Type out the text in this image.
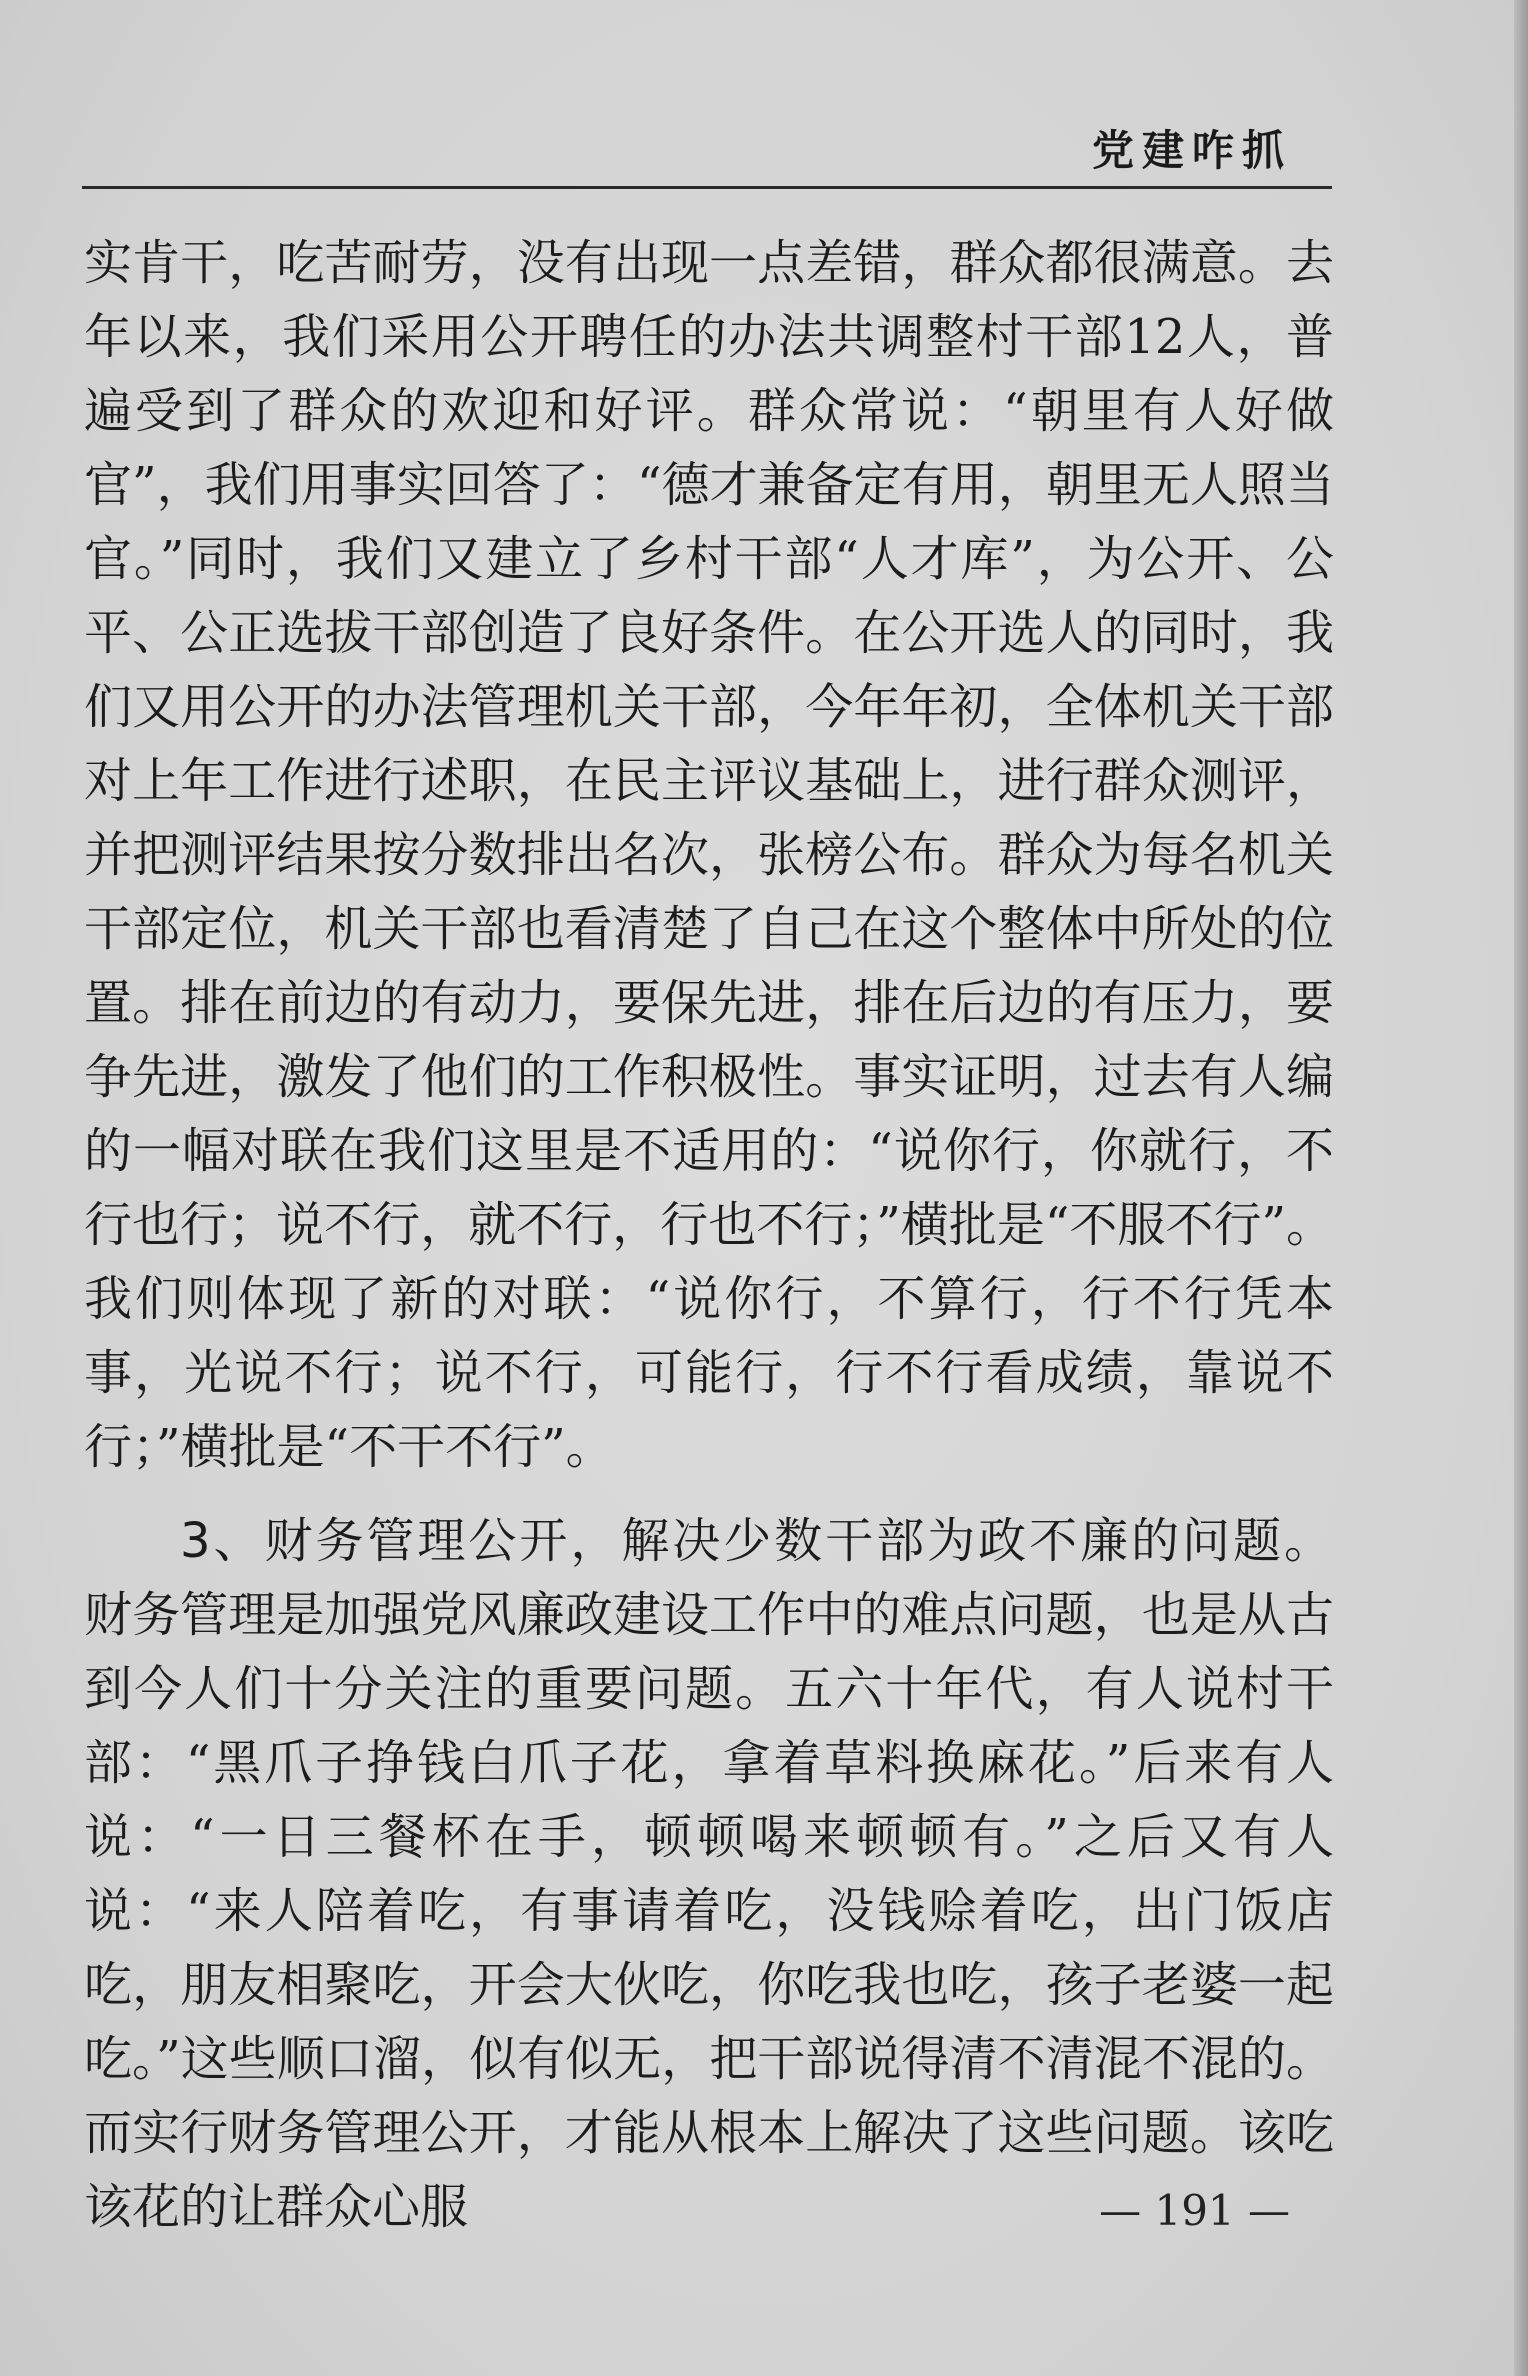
党建咋抓

实肯干，吃苦耐劳，没有出现一点差错，群众都很满意。去年以来，我们采用公开聘任的办法共调整村干部12人，普遍受到了群众的欢迎和好评。群众常说：“朝里有人好做官”，我们用事实回答了：“德才兼备定有用，朝里无人照当官。”同时，我们又建立了乡村干部“人才库”，为公开、公平、公正选拔干部创造了良好条件。在公开选人的同时，我们又用公开的办法管理机关干部，今年年初，全体机关干部对上年工作进行述职，在民主评议基础上，进行群众测评，并把测评结果按分数排出名次，张榜公布。群众为每名机关干部定位，机关干部也看清楚了自己在这个整体中所处的位置。排在前边的有动力，要保先进，排在后边的有压力，要争先进，激发了他们的工作积极性。事实证明，过去有人编的一幅对联在我们这里是不适用的：“说你行，你就行，不行也行；说不行，就不行，行也不行；”横批是“不服不行”。我们则体现了新的对联：“说你行，不算行，行不行凭本事，光说不行；说不行，可能行，行不行看成绩，靠说不行；”横批是“不干不行”。

3、财务管理公开，解决少数干部为政不廉的问题。财务管理是加强党风廉政建设工作中的难点问题，也是从古到今人们十分关注的重要问题。五六十年代，有人说村干部：“黑爪子挣钱白爪子花，拿着草料换麻花。”后来有人说：“一日三餐杯在手，顿顿喝来顿顿有。”之后又有人说：“来人陪着吃，有事请着吃，没钱赊着吃，出门饭店吃，朋友相聚吃，开会大伙吃，你吃我也吃，孩子老婆一起吃。”这些顺口溜，似有似无，把干部说得清不清混不混的。而实行财务管理公开，才能从根本上解决了这些问题。该吃该花的让群众心服	— 191 —
